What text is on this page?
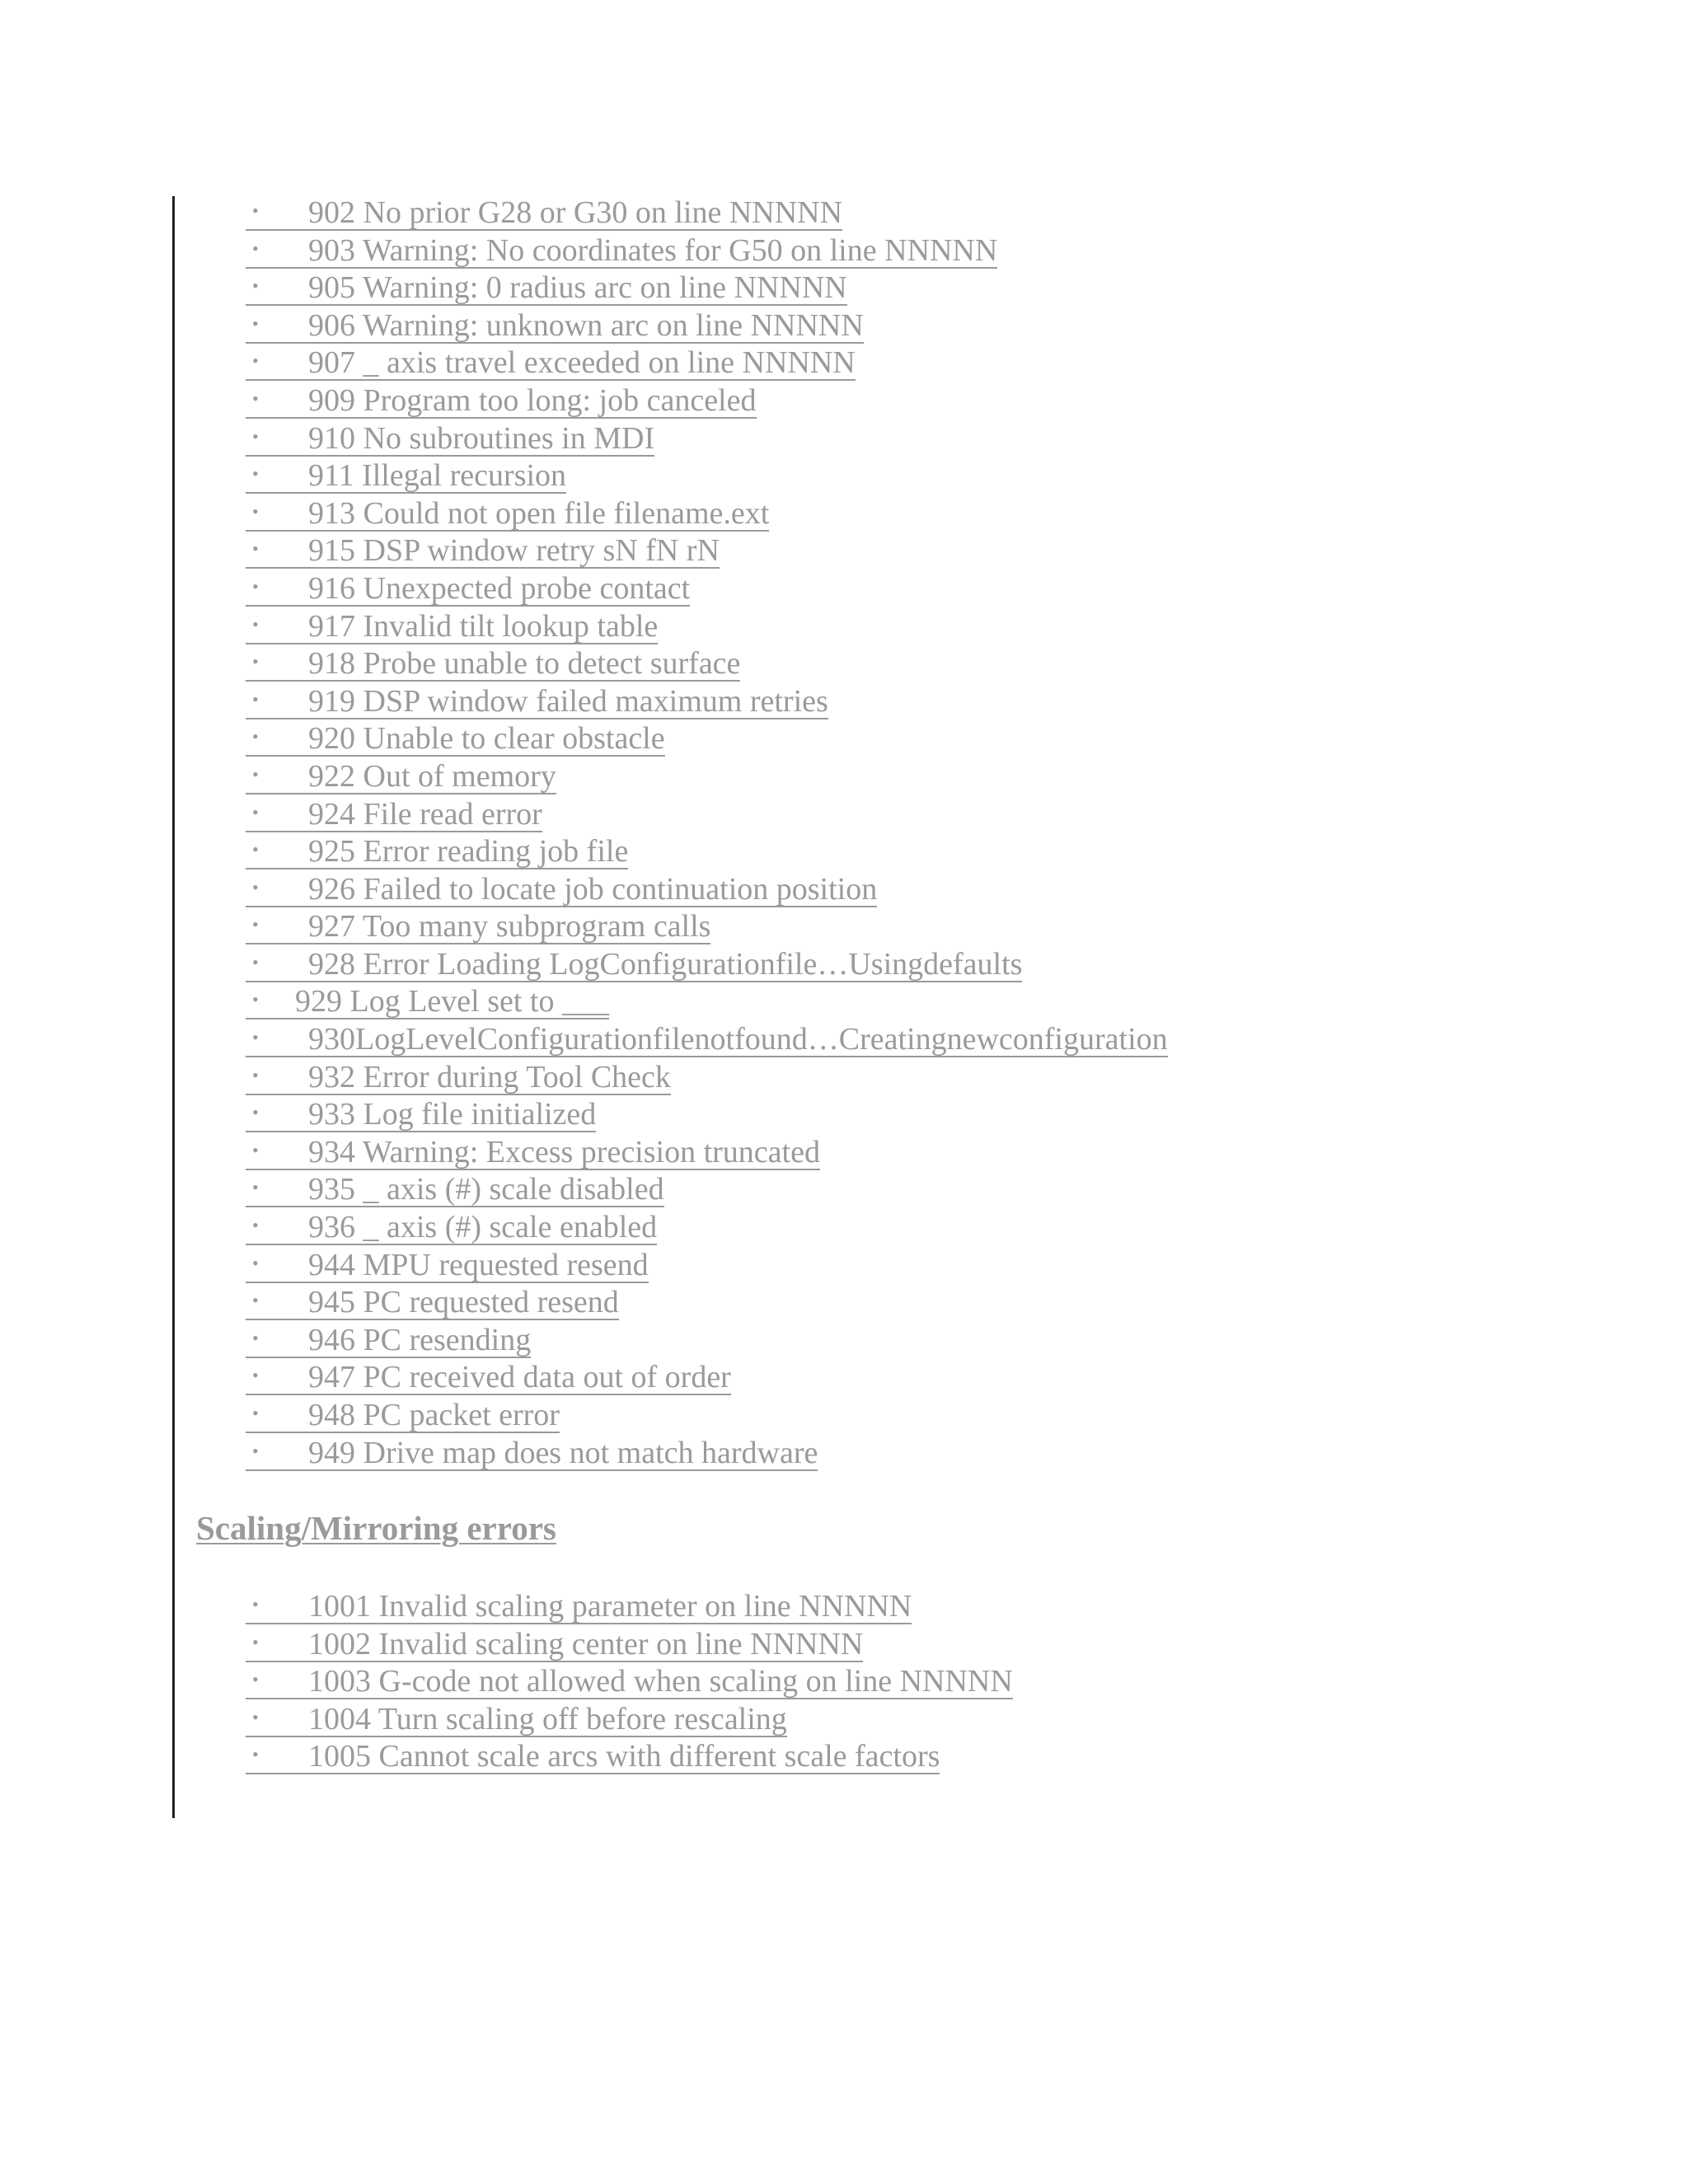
• 902 No prior G28 or G30 on line NNNNN
• 903 Warning: No coordinates for G50 on line NNNNN
• 905 Warning: 0 radius arc on line NNNNN
• 906 Warning: unknown arc on line NNNNN
• 907 _ axis travel exceeded on line NNNNN
• 909 Program too long: job canceled
• 910 No subroutines in MDI
• 911 Illegal recursion
• 913 Could not open file filename.ext
• 915 DSP window retry sN fN rN
• 916 Unexpected probe contact
• 917 Invalid tilt lookup table
• 918 Probe unable to detect surface
• 919 DSP window failed maximum retries
• 920 Unable to clear obstacle
• 922 Out of memory
• 924 File read error
• 925 Error reading job file
• 926 Failed to locate job continuation position
• 927 Too many subprogram calls
• 928 Error Loading LogConfigurationfile…Usingdefaults
• 929 Log Level set to ___
• 930LogLevelConfigurationfilenotfound…Creatingnewconfiguration
• 932 Error during Tool Check
• 933 Log file initialized
• 934 Warning: Excess precision truncated
• 935 _ axis (#) scale disabled
• 936 _ axis (#) scale enabled
• 944 MPU requested resend
• 945 PC requested resend
• 946 PC resending
• 947 PC received data out of order
• 948 PC packet error
• 949 Drive map does not match hardware
Scaling/Mirroring errors
• 1001 Invalid scaling parameter on line NNNNN
• 1002 Invalid scaling center on line NNNNN
• 1003 G-code not allowed when scaling on line NNNNN
• 1004 Turn scaling off before rescaling
• 1005 Cannot scale arcs with different scale factors
